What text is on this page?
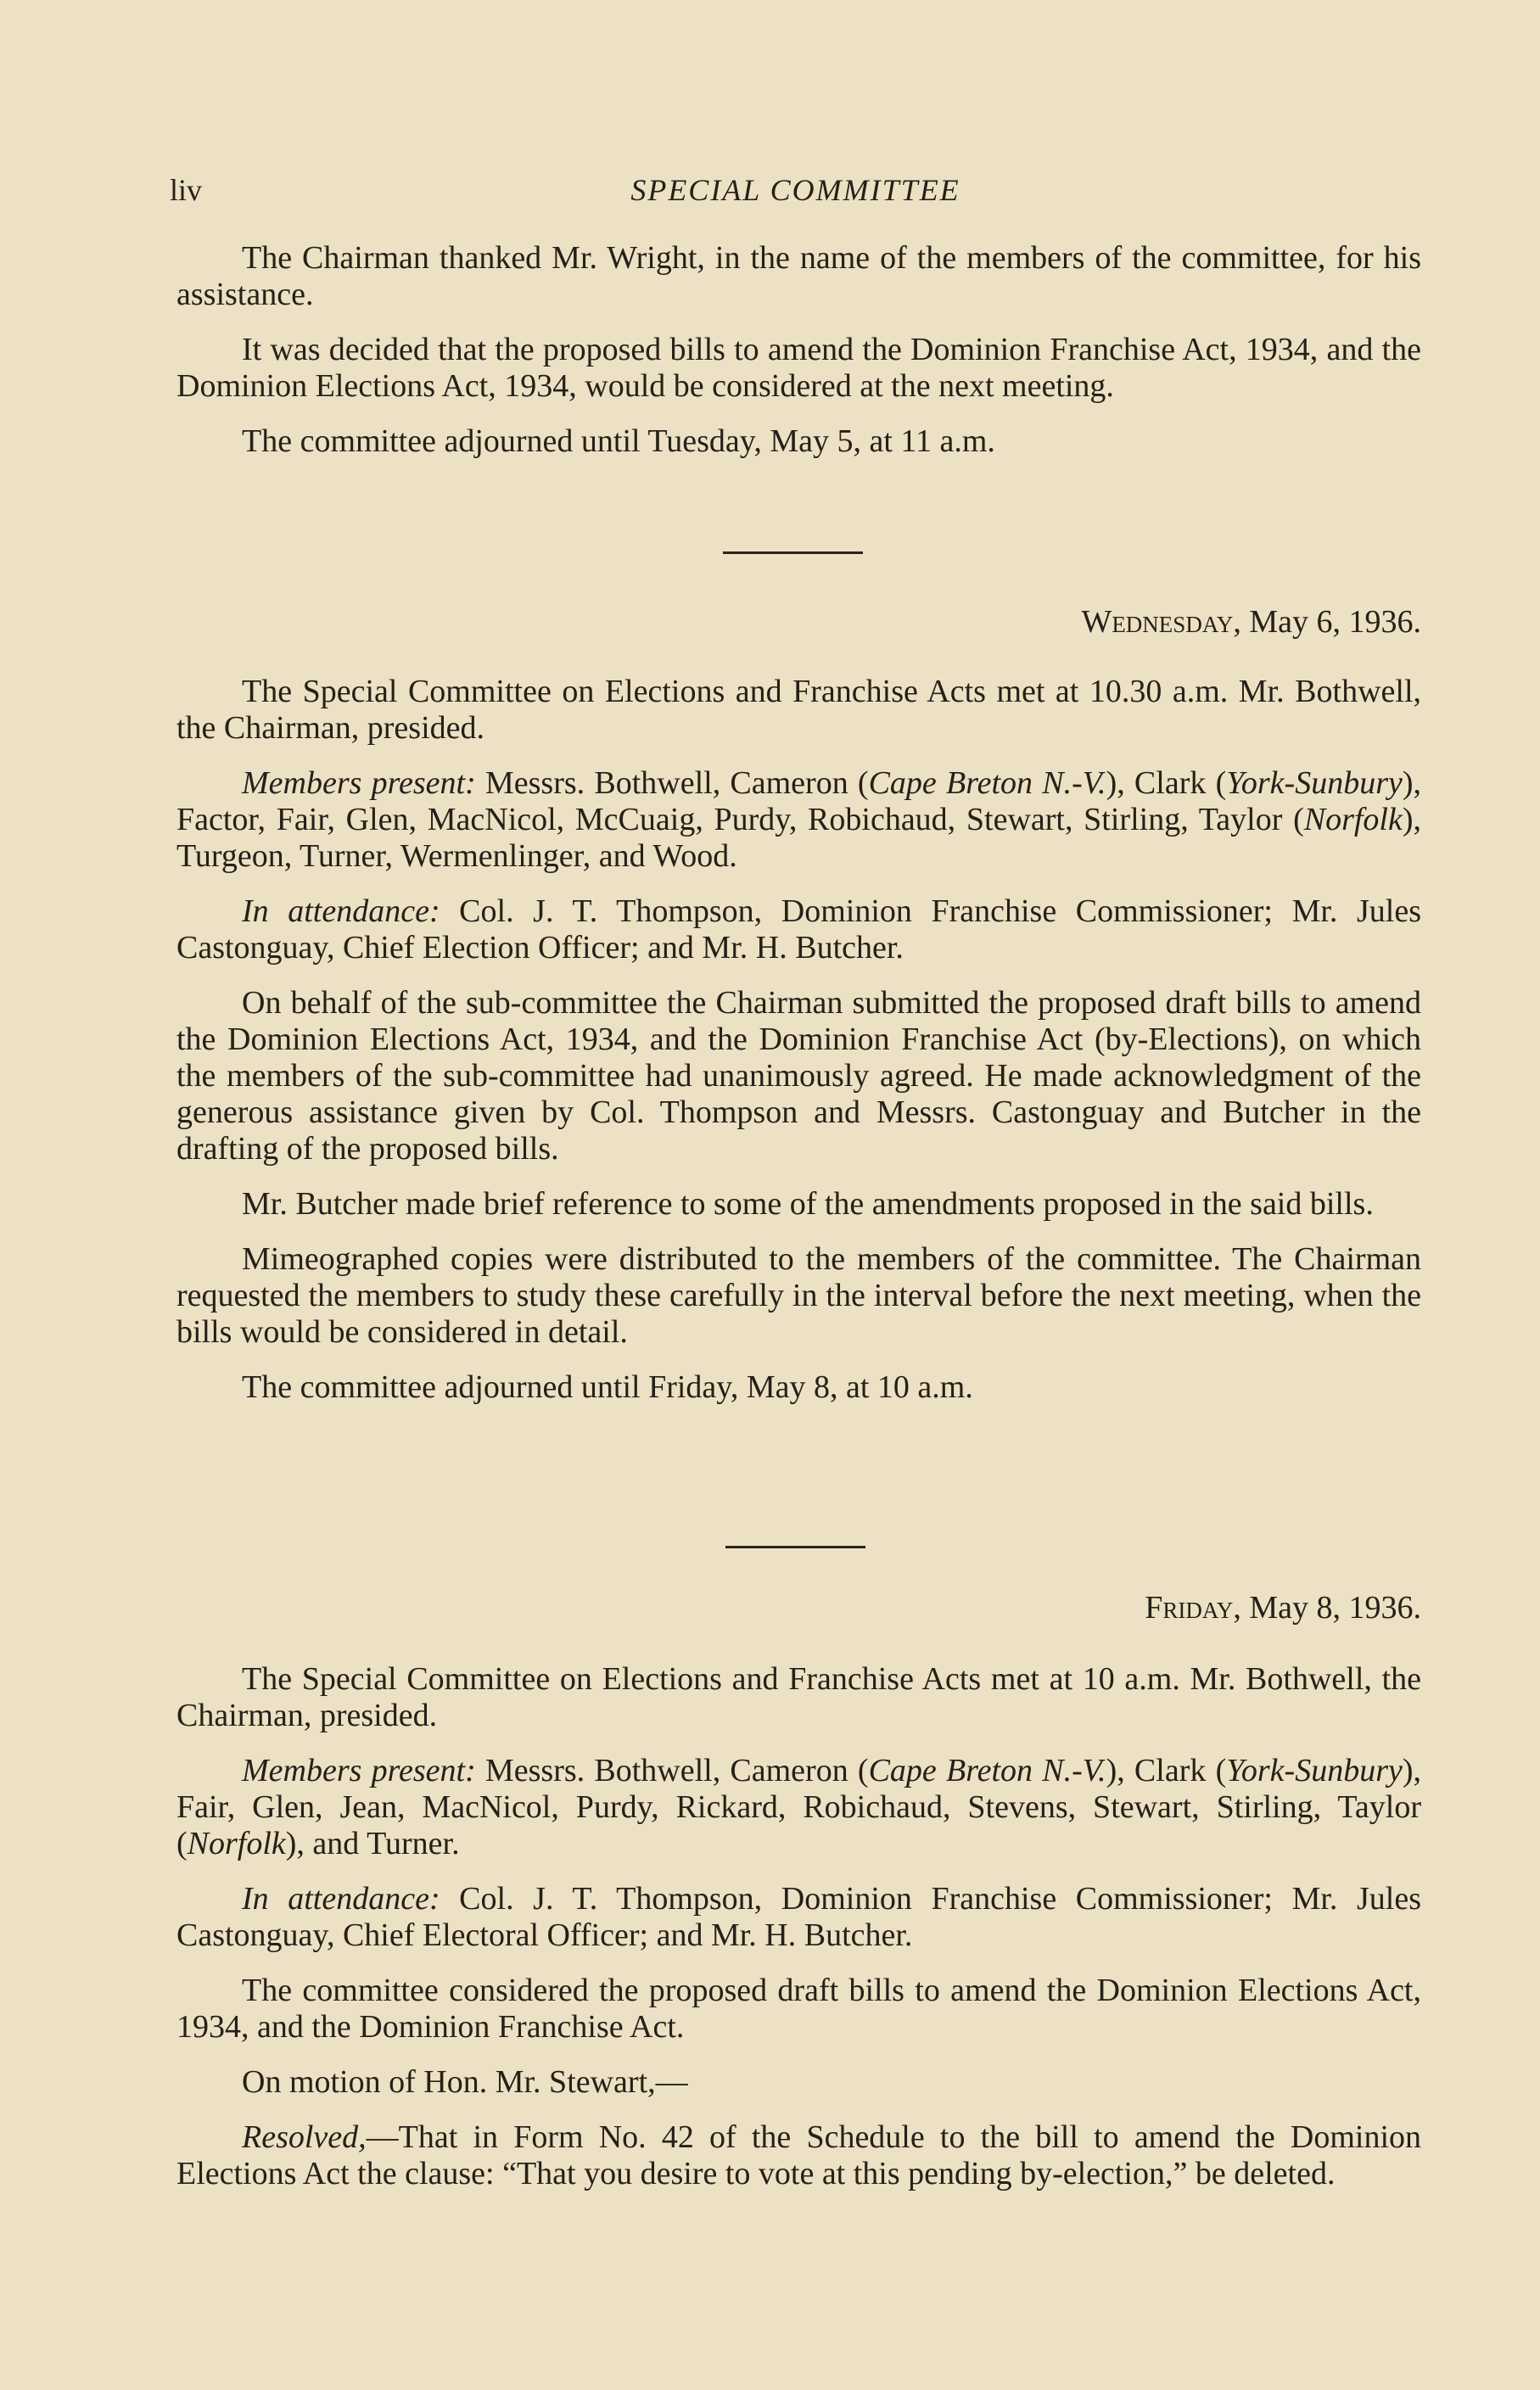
liv	SPECIAL COMMITTEE

The Chairman thanked Mr. Wright, in the name of the members of the committee, for his assistance.

It was decided that the proposed bills to amend the Dominion Franchise Act, 1934, and the Dominion Elections Act, 1934, would be considered at the next meeting.

The committee adjourned until Tuesday, May 5, at 11 a.m.

Wednesday, May 6, 1936.

The Special Committee on Elections and Franchise Acts met at 10.30 a.m. Mr. Bothwell, the Chairman, presided.

Members present: Messrs. Bothwell, Cameron (Cape Breton N.-V.), Clark (York-Sunbury), Factor, Fair, Glen, MacNicol, McCuaig, Purdy, Robichaud, Stewart, Stirling, Taylor (Norfolk), Turgeon, Turner, Wermenlinger, and Wood.

In attendance: Col. J. T. Thompson, Dominion Franchise Commissioner; Mr. Jules Castonguay, Chief Election Officer; and Mr. H. Butcher.

On behalf of the sub-committee the Chairman submitted the proposed draft bills to amend the Dominion Elections Act, 1934, and the Dominion Franchise Act (by-Elections), on which the members of the sub-committee had unanimously agreed. He made acknowledgment of the generous assistance given by Col. Thompson and Messrs. Castonguay and Butcher in the drafting of the proposed bills.

Mr. Butcher made brief reference to some of the amendments proposed in the said bills.

Mimeographed copies were distributed to the members of the committee. The Chairman requested the members to study these carefully in the interval before the next meeting, when the bills would be considered in detail.

The committee adjourned until Friday, May 8, at 10 a.m.

Friday, May 8, 1936.

The Special Committee on Elections and Franchise Acts met at 10 a.m. Mr. Bothwell, the Chairman, presided.

Members present: Messrs. Bothwell, Cameron (Cape Breton N.-V.), Clark (York-Sunbury), Fair, Glen, Jean, MacNicol, Purdy, Rickard, Robichaud, Stevens, Stewart, Stirling, Taylor (Norfolk), and Turner.

In attendance: Col. J. T. Thompson, Dominion Franchise Commissioner; Mr. Jules Castonguay, Chief Electoral Officer; and Mr. H. Butcher.

The committee considered the proposed draft bills to amend the Dominion Elections Act, 1934, and the Dominion Franchise Act.

On motion of Hon. Mr. Stewart,—

Resolved,—That in Form No. 42 of the Schedule to the bill to amend the Dominion Elections Act the clause: “That you desire to vote at this pending by-election,” be deleted.
